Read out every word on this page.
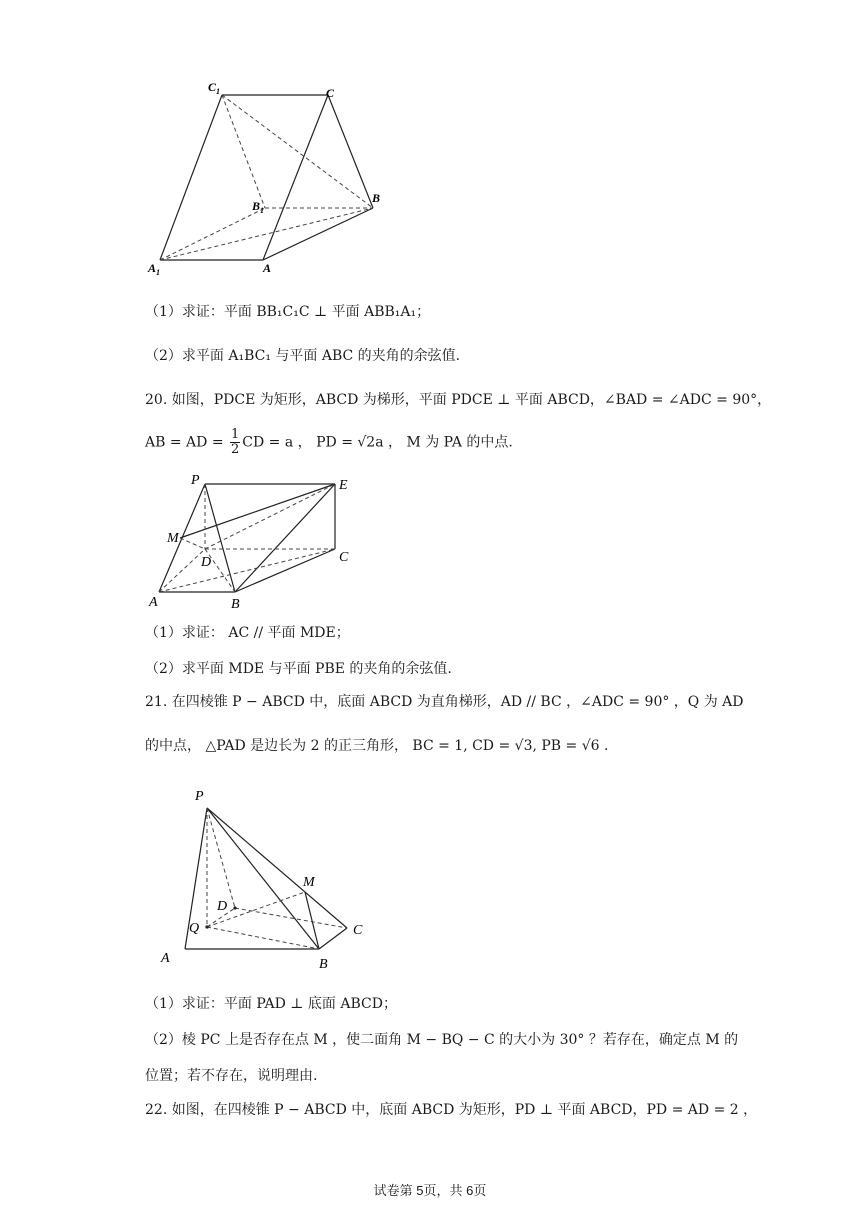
$C_1$	C
$B_1$
B
$A_1$	A
（1）求证：平面 BB₁C₁C ⊥ 平面 ABB₁A₁；
（2）求平面 A₁BC₁ 与平面 ABC 的夹角的余弦值.
20. 如图，PDCE 为矩形，ABCD 为梯形，平面 PDCE ⊥ 平面 ABCD，∠BAD = ∠ADC = 90°，
AB = AD = $\frac{1}{2}$ CD = a ， PD = √2a ， M 为 PA 的中点.
P	E
M
D	C
A	B
（1）求证： AC // 平面 MDE；
（2）求平面 MDE 与平面 PBE 的夹角的余弦值.
21. 在四棱锥 P − ABCD 中，底面 ABCD 为直角梯形，AD // BC ，∠ADC = 90° ，Q 为 AD
的中点， △PAD 是边长为 2 的正三角形， BC = 1, CD = √3, PB = √6 .
P
M
D
C
Q
A	B
（1）求证：平面 PAD ⊥ 底面 ABCD；
（2）棱 PC 上是否存在点 M ，使二面角 M − BQ − C 的大小为 30° ？若存在，确定点 M 的
位置；若不存在，说明理由.
22. 如图，在四棱锥 P − ABCD 中，底面 ABCD 为矩形，PD ⊥ 平面 ABCD，PD = AD = 2 ，
试卷第 5页，共 6页
